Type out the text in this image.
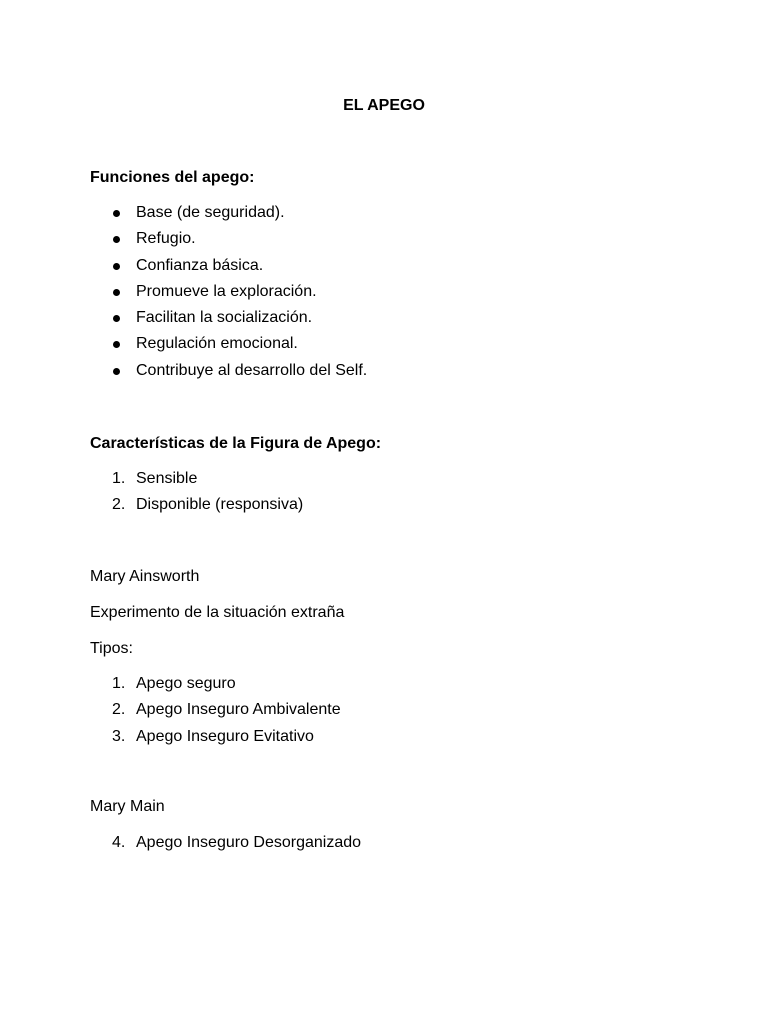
EL APEGO
Funciones del apego:
Base (de seguridad).
Refugio.
Confianza básica.
Promueve la exploración.
Facilitan la socialización.
Regulación emocional.
Contribuye al desarrollo del Self.
Características de la Figura de Apego:
1. Sensible
2. Disponible (responsiva)
Mary Ainsworth
Experimento de la situación extraña
Tipos:
1. Apego seguro
2. Apego Inseguro Ambivalente
3. Apego Inseguro Evitativo
Mary Main
4. Apego Inseguro Desorganizado
